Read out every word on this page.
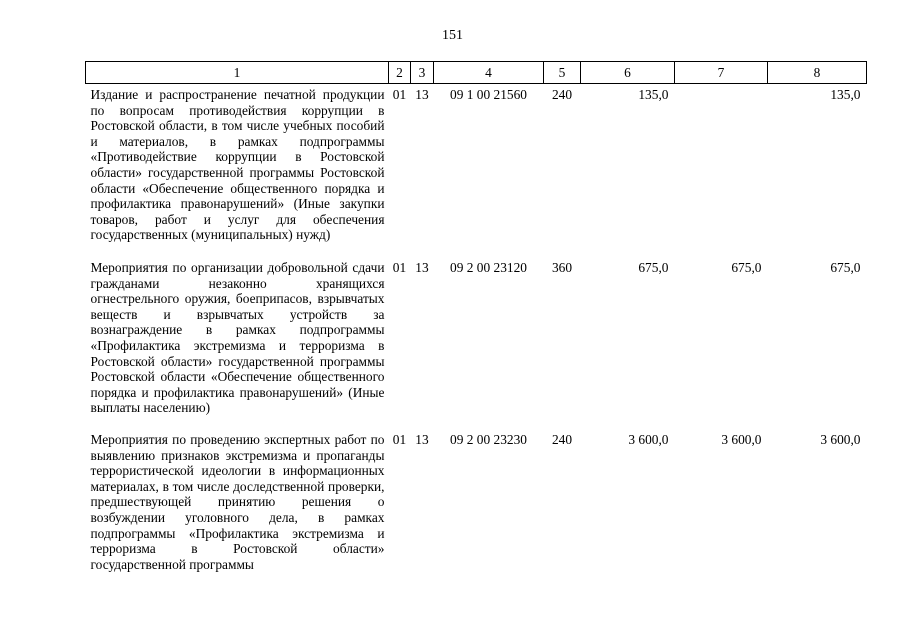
151
1	2	3	4	5	6	7	8
Издание и распространение печатной продукции по вопросам противодействия коррупции в Ростовской области, в том числе учебных пособий и материалов, в рамках подпрограммы «Противодействие коррупции в Ростовской области» государственной программы Ростовской области «Обеспечение общественного порядка и профилактика правонарушений» (Иные закупки товаров, работ и услуг для обеспечения государственных (муниципальных) нужд)	01	13	09 1 00 21560	240	135,0		135,0
Мероприятия по организации добровольной сдачи гражданами незаконно хранящихся огнестрельного оружия, боеприпасов, взрывчатых веществ и взрывчатых устройств за вознаграждение в рамках подпрограммы «Профилактика экстремизма и терроризма в Ростовской области» государственной программы Ростовской области «Обеспечение общественного порядка и профилактика правонарушений» (Иные выплаты населению)	01	13	09 2 00 23120	360	675,0	675,0	675,0
Мероприятия по проведению экспертных работ по выявлению признаков экстремизма и пропаганды террористической идеологии в информационных материалах, в том числе доследственной проверки, предшествующей принятию решения о возбуждении уголовного дела, в рамках подпрограммы «Профилактика экстремизма и терроризма в Ростовской области» государственной программы	01	13	09 2 00 23230	240	3 600,0	3 600,0	3 600,0
